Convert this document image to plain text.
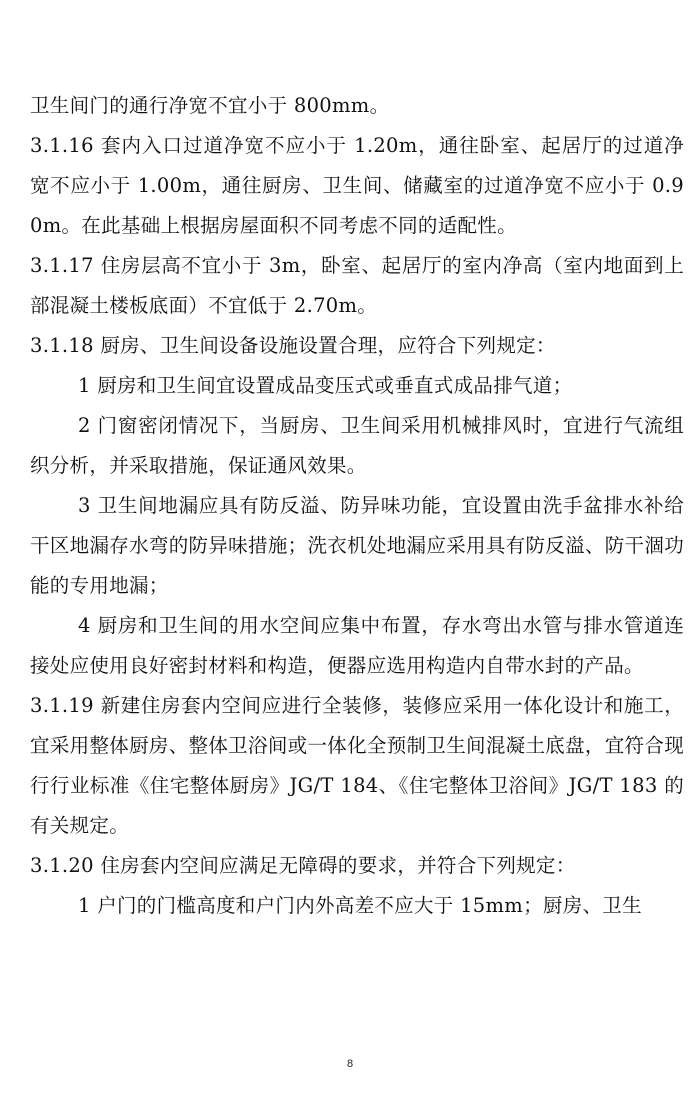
卫生间门的通行净宽不宜小于 800mm。

3.1.16 套内入口过道净宽不应小于 1.20m，通往卧室、起居厅的过道净宽不应小于 1.00m，通往厨房、卫生间、储藏室的过道净宽不应小于 0.90m。在此基础上根据房屋面积不同考虑不同的适配性。

3.1.17 住房层高不宜小于 3m，卧室、起居厅的室内净高（室内地面到上部混凝土楼板底面）不宜低于 2.70m。

3.1.18 厨房、卫生间设备设施设置合理，应符合下列规定：

1 厨房和卫生间宜设置成品变压式或垂直式成品排气道；

2 门窗密闭情况下，当厨房、卫生间采用机械排风时，宜进行气流组织分析，并采取措施，保证通风效果。

3 卫生间地漏应具有防反溢、防异味功能，宜设置由洗手盆排水补给干区地漏存水弯的防异味措施；洗衣机处地漏应采用具有防反溢、防干涸功能的专用地漏；

4 厨房和卫生间的用水空间应集中布置，存水弯出水管与排水管道连接处应使用良好密封材料和构造，便器应选用构造内自带水封的产品。

3.1.19 新建住房套内空间应进行全装修，装修应采用一体化设计和施工，宜采用整体厨房、整体卫浴间或一体化全预制卫生间混凝土底盘，宜符合现行行业标准《住宅整体厨房》JG/T 184、《住宅整体卫浴间》JG/T 183 的有关规定。

3.1.20 住房套内空间应满足无障碍的要求，并符合下列规定：

1 户门的门槛高度和户门内外高差不应大于 15mm；厨房、卫生

8
